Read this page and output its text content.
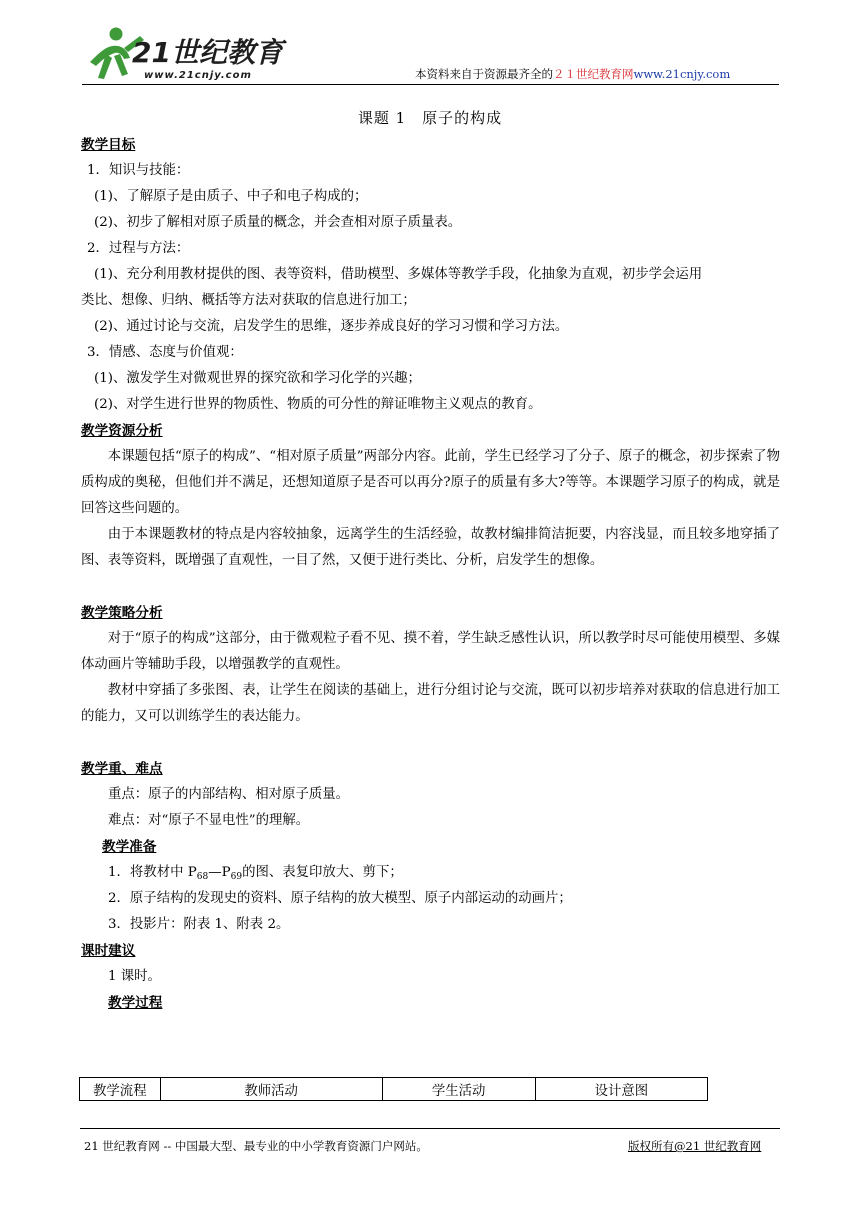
21世纪教育
www.21cnjy.com	本资料来自于资源最齐全的２１世纪教育网www.21cnjy.com
课题 1　原子的构成
教学目标
1．知识与技能：
(1)、了解原子是由质子、中子和电子构成的；
(2)、初步了解相对原子质量的概念，并会查相对原子质量表。
2．过程与方法：
(1)、充分利用教材提供的图、表等资料，借助模型、多媒体等教学手段，化抽象为直观，初步学会运用
类比、想像、归纳、概括等方法对获取的信息进行加工；
(2)、通过讨论与交流，启发学生的思维，逐步养成良好的学习习惯和学习方法。
3．情感、态度与价值观：
(1)、激发学生对微观世界的探究欲和学习化学的兴趣；
(2)、对学生进行世界的物质性、物质的可分性的辩证唯物主义观点的教育。
教学资源分析
本课题包括“原子的构成”、“相对原子质量”两部分内容。此前，学生已经学习了分子、原子的概念，初步探索了物质构成的奥秘，但他们并不满足，还想知道原子是否可以再分?原子的质量有多大?等等。本课题学习原子的构成，就是回答这些问题的。
由于本课题教材的特点是内容较抽象，远离学生的生活经验，故教材编排简洁扼要，内容浅显，而且较多地穿插了图、表等资料，既增强了直观性，一目了然，又便于进行类比、分析，启发学生的想像。
教学策略分析
对于“原子的构成”这部分，由于微观粒子看不见、摸不着，学生缺乏感性认识，所以教学时尽可能使用模型、多媒体动画片等辅助手段，以增强教学的直观性。
教材中穿插了多张图、表，让学生在阅读的基础上，进行分组讨论与交流，既可以初步培养对获取的信息进行加工的能力，又可以训练学生的表达能力。
教学重、难点
重点：原子的内部结构、相对原子质量。
难点：对“原子不显电性”的理解。
教学准备
1．将教材中 $P_{68}—P_{69}$的图、表复印放大、剪下；
2．原子结构的发现史的资料、原子结构的放大模型、原子内部运动的动画片；
3．投影片：附表 1、附表 2。
课时建议
1 课时。
教学过程
教学流程	教师活动	学生活动	设计意图
21 世纪教育网 -- 中国最大型、最专业的中小学教育资源门户网站。	版权所有@21 世纪教育网
